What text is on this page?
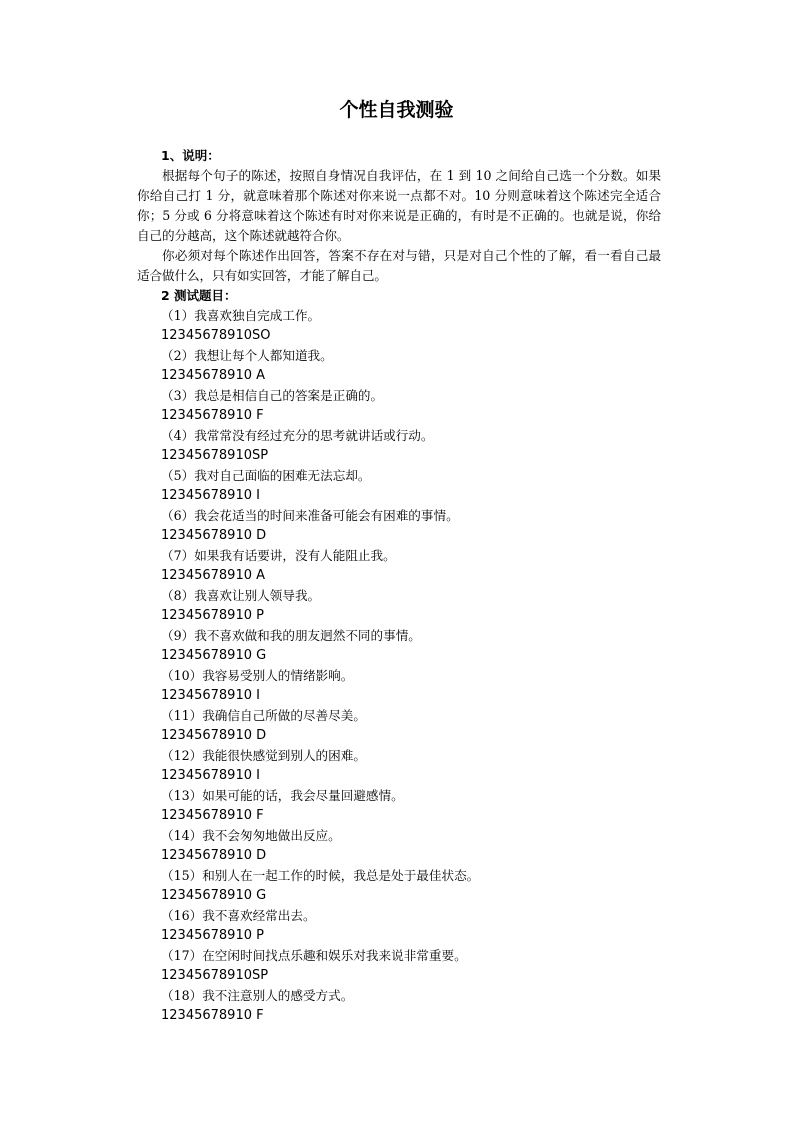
个性自我测验

1、说明：

根据每个句子的陈述，按照自身情况自我评估，在 1 到 10 之间给自己选一个分数。如果你给自己打 1 分，就意味着那个陈述对你来说一点都不对。10 分则意味着这个陈述完全适合你；5 分或 6 分将意味着这个陈述有时对你来说是正确的，有时是不正确的。也就是说，你给自己的分越高，这个陈述就越符合你。

你必须对每个陈述作出回答，答案不存在对与错，只是对自己个性的了解，看一看自己最适合做什么，只有如实回答，才能了解自己。

2 测试题目：

（1）我喜欢独自完成工作。
12345678910SO
（2）我想让每个人都知道我。
12345678910 A
（3）我总是相信自己的答案是正确的。
12345678910 F
（4）我常常没有经过充分的思考就讲话或行动。
12345678910SP
（5）我对自己面临的困难无法忘却。
12345678910 I
（6）我会花适当的时间来准备可能会有困难的事情。
12345678910 D
（7）如果我有话要讲，没有人能阻止我。
12345678910 A
（8）我喜欢让别人领导我。
12345678910 P
（9）我不喜欢做和我的朋友迥然不同的事情。
12345678910 G
（10）我容易受别人的情绪影响。
12345678910 I
（11）我确信自己所做的尽善尽美。
12345678910 D
（12）我能很快感觉到别人的困难。
12345678910 I
（13）如果可能的话，我会尽量回避感情。
12345678910 F
（14）我不会匆匆地做出反应。
12345678910 D
（15）和别人在一起工作的时候，我总是处于最佳状态。
12345678910 G
（16）我不喜欢经常出去。
12345678910 P
（17）在空闲时间找点乐趣和娱乐对我来说非常重要。
12345678910SP
（18）我不注意别人的感受方式。
12345678910 F
